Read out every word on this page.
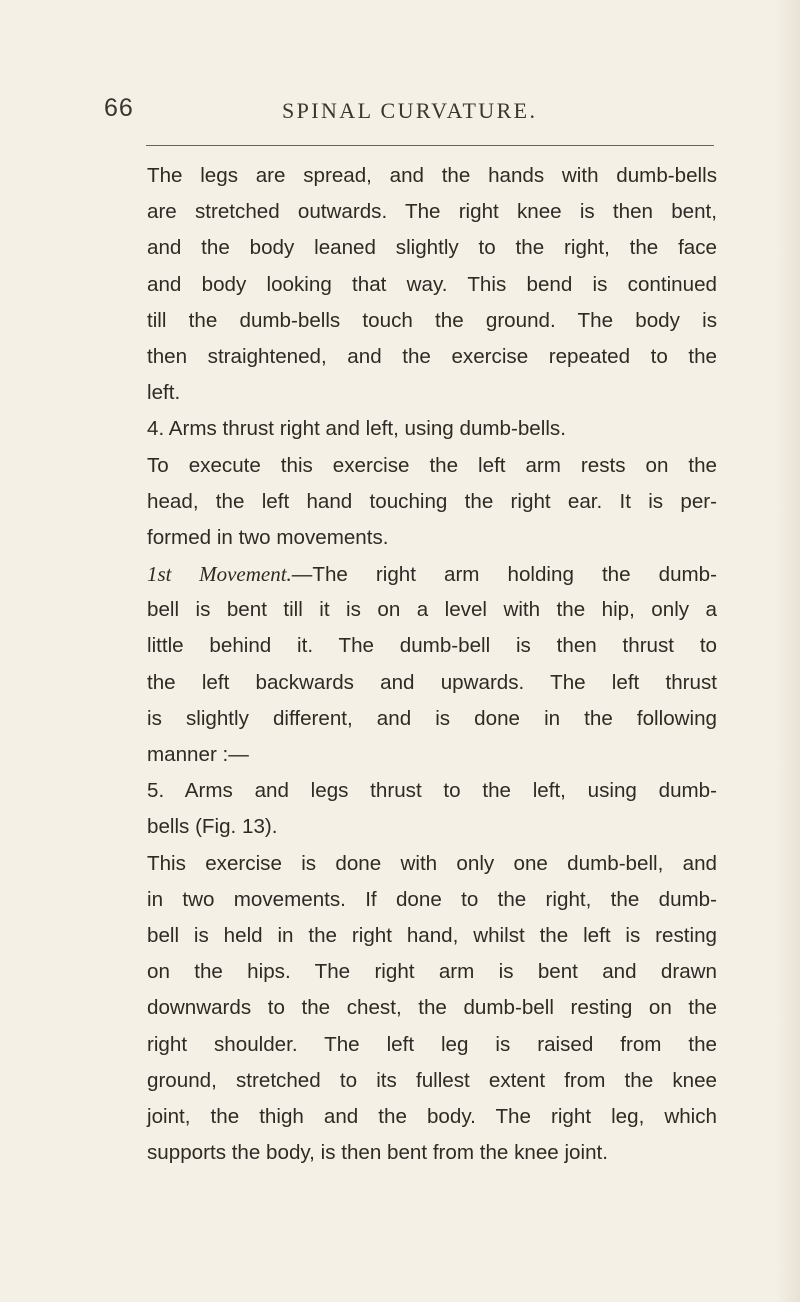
66	SPINAL CURVATURE.
The legs are spread, and the hands with dumb-bells
are stretched outwards. The right knee is then bent,
and the body leaned slightly to the right, the face
and body looking that way. This bend is continued
till the dumb-bells touch the ground. The body is
then straightened, and the exercise repeated to the
left.
4. Arms thrust right and left, using dumb-bells.
To execute this exercise the left arm rests on the
head, the left hand touching the right ear. It is per-
formed in two movements.
1st Movement.—The right arm holding the dumb-
bell is bent till it is on a level with the hip, only a
little behind it. The dumb-bell is then thrust to
the left backwards and upwards. The left thrust
is slightly different, and is done in the following
manner :—
5. Arms and legs thrust to the left, using dumb-
bells (Fig. 13).
This exercise is done with only one dumb-bell, and
in two movements. If done to the right, the dumb-
bell is held in the right hand, whilst the left is resting
on the hips. The right arm is bent and drawn
downwards to the chest, the dumb-bell resting on the
right shoulder. The left leg is raised from the
ground, stretched to its fullest extent from the knee
joint, the thigh and the body. The right leg, which
supports the body, is then bent from the knee joint.
